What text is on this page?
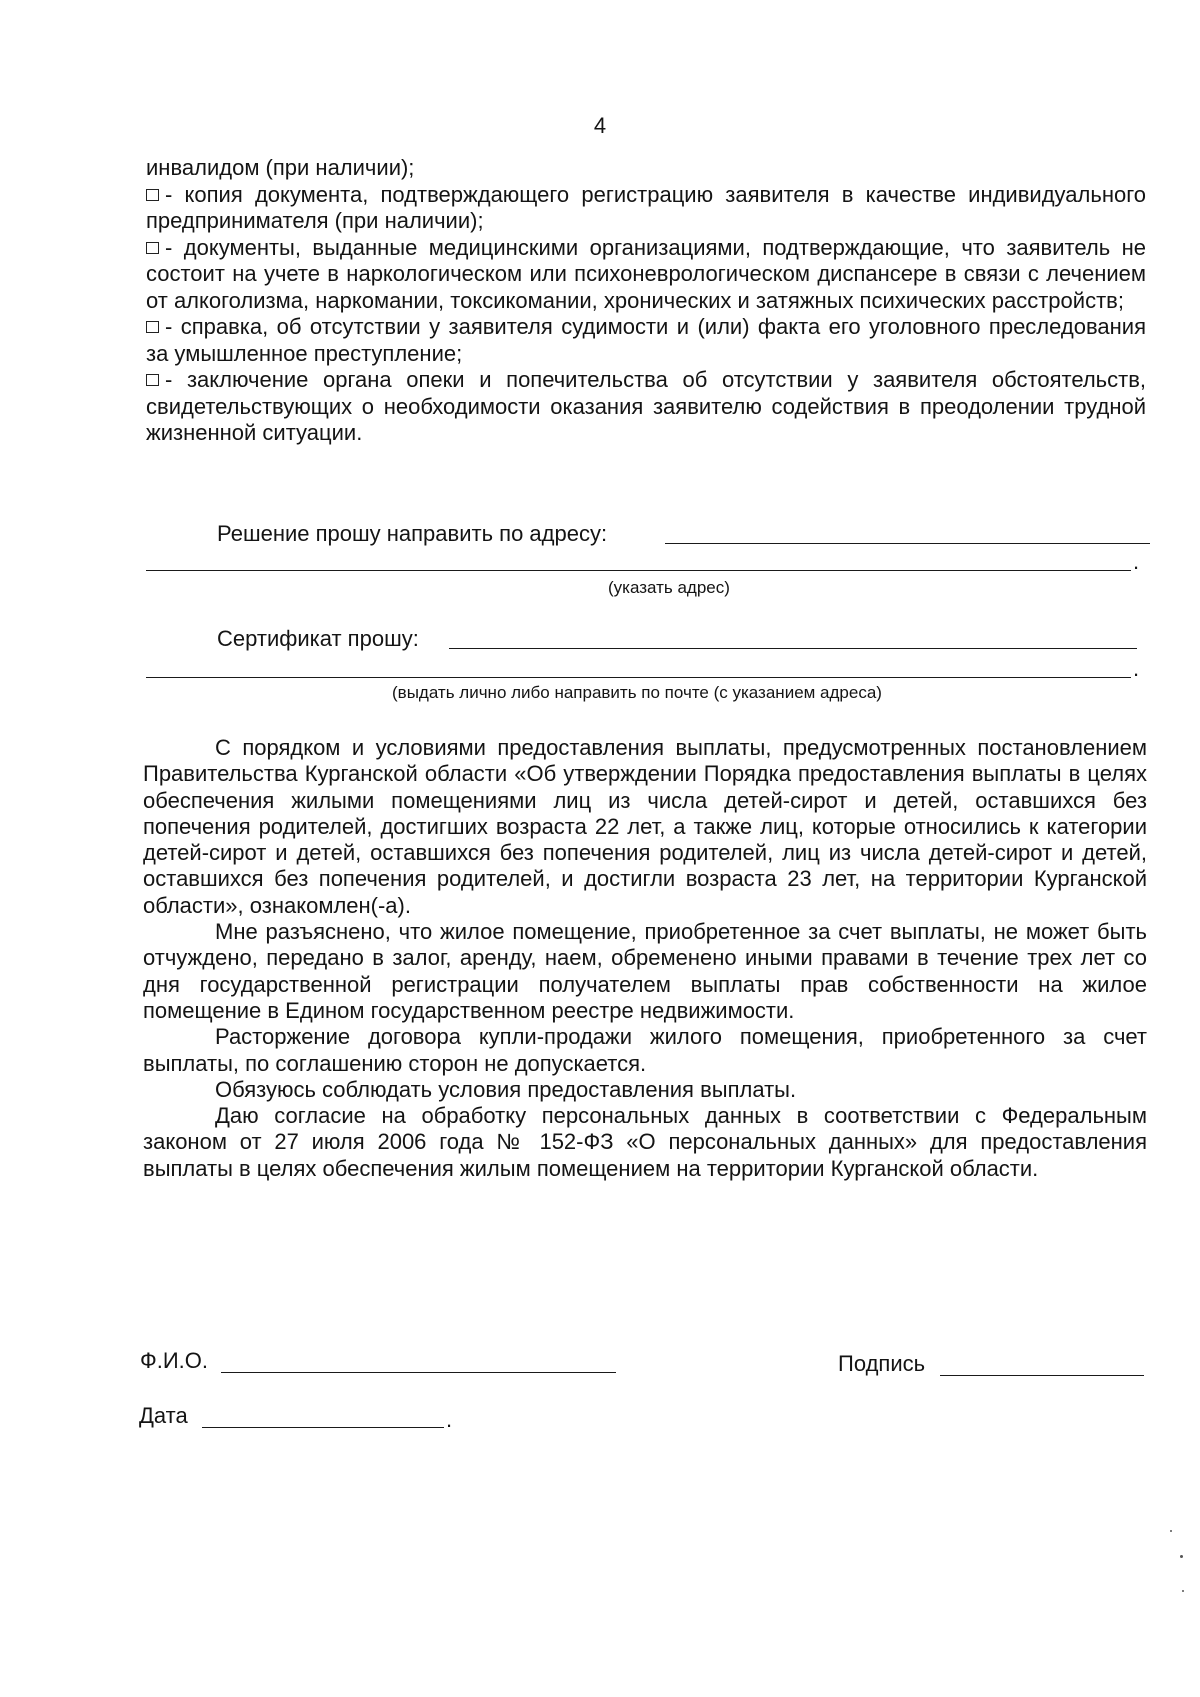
4

инвалидом (при наличии);

- копия документа, подтверждающего регистрацию заявителя в качестве индивидуального предпринимателя (при наличии);

- документы, выданные медицинскими организациями, подтверждающие, что заявитель не состоит на учете в наркологическом или психоневрологическом диспансере в связи с лечением от алкоголизма, наркомании, токсикомании, хронических и затяжных психических расстройств;

- справка, об отсутствии у заявителя судимости и (или) факта его уголовного преследования за умышленное преступление;

- заключение органа опеки и попечительства об отсутствии у заявителя обстоятельств, свидетельствующих о необходимости оказания заявителю содействия в преодолении трудной жизненной ситуации.

Решение прошу направить по адресу:
.
(указать адрес)
Сертификат прошу:
.
(выдать лично либо направить по почте (с указанием адреса)

С порядком и условиями предоставления выплаты, предусмотренных постановлением Правительства Курганской области «Об утверждении Порядка предоставления выплаты в целях обеспечения жилыми помещениями лиц из числа детей-сирот и детей, оставшихся без попечения родителей, достигших возраста 22 лет, а также лиц, которые относились к категории детей-сирот и детей, оставшихся без попечения родителей, лиц из числа детей-сирот и детей, оставшихся без попечения родителей, и достигли возраста 23 лет, на территории Курганской области», ознакомлен(-а).

Мне разъяснено, что жилое помещение, приобретенное за счет выплаты, не может быть отчуждено, передано в залог, аренду, наем, обременено иными правами в течение трех лет со дня государственной регистрации получателем выплаты прав собственности на жилое помещение в Едином государственном реестре недвижимости.

Расторжение договора купли-продажи жилого помещения, приобретенного за счет выплаты, по соглашению сторон не допускается.

Обязуюсь соблюдать условия предоставления выплаты.

Даю согласие на обработку персональных данных в соответствии с Федеральным законом от 27 июля 2006 года № 152-ФЗ «О персональных данных» для предоставления выплаты в целях обеспечения жилым помещением на территории Курганской области.

Ф.И.О.	Подпись
Дата	.
